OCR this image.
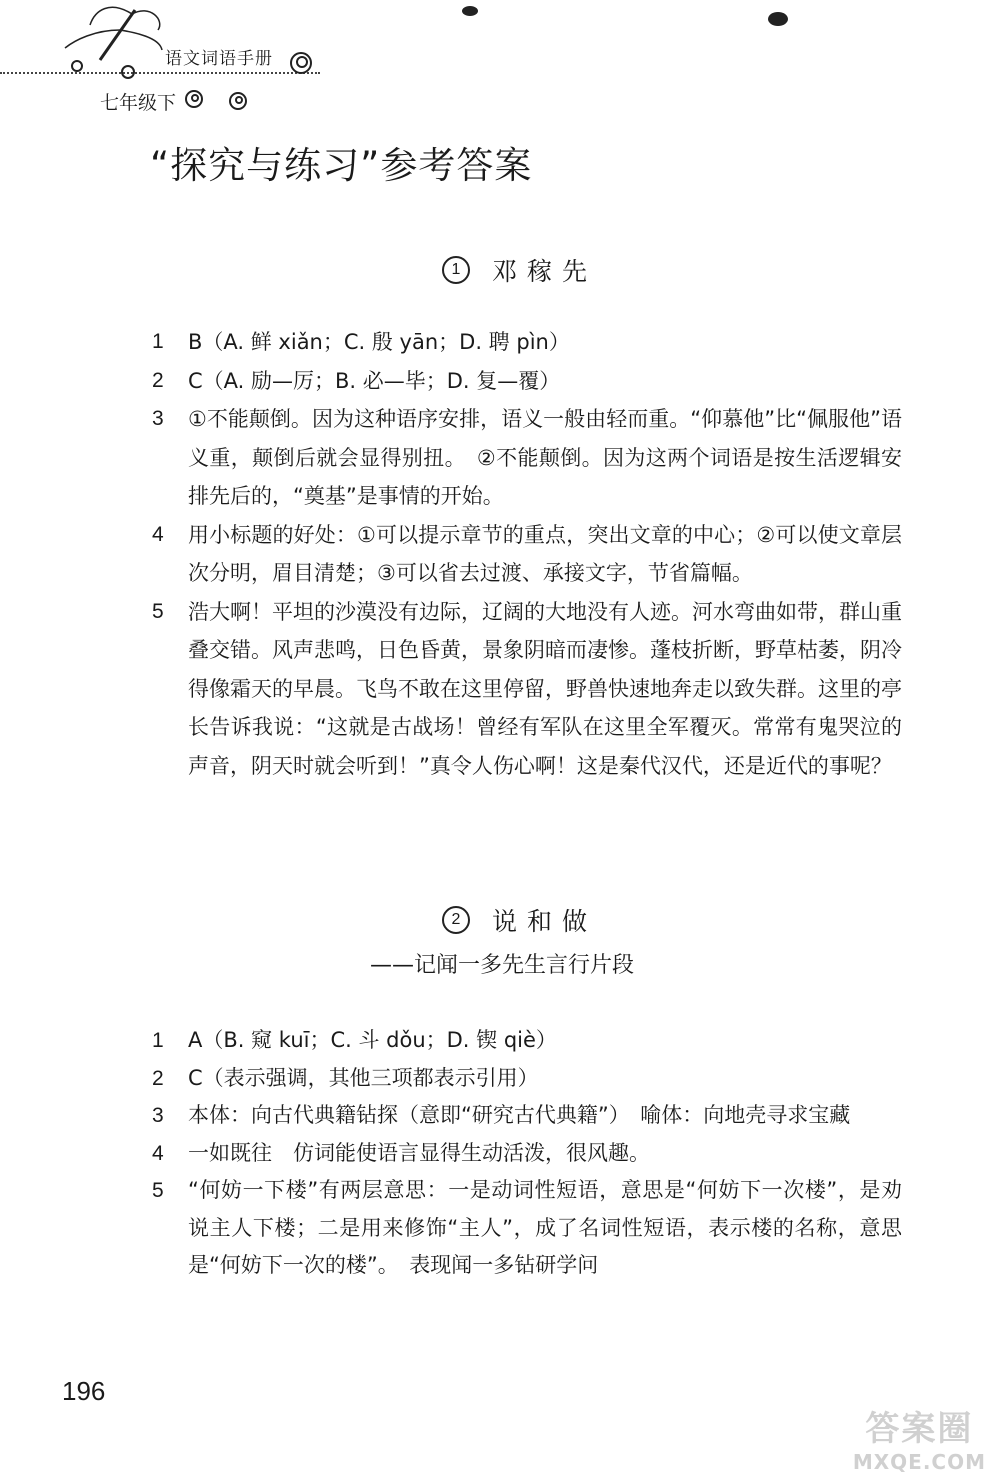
语文词语手册
七年级下
“探究与练习”参考答案
1	邓稼先
1	B（A. 鲜 xiǎn；C. 殷 yān；D. 聘 pìn）
2	C（A. 励—厉；B. 必—毕；D. 复—覆）
3	①不能颠倒。因为这种语序安排，语义一般由轻而重。“仰慕他”比“佩服他”语义重，颠倒后就会显得别扭。　②不能颠倒。因为这两个词语是按生活逻辑安排先后的，“奠基”是事情的开始。
4	用小标题的好处：①可以提示章节的重点，突出文章的中心；②可以使文章层次分明，眉目清楚；③可以省去过渡、承接文字，节省篇幅。
5	浩大啊！平坦的沙漠没有边际，辽阔的大地没有人迹。河水弯曲如带，群山重叠交错。风声悲鸣，日色昏黄，景象阴暗而凄惨。蓬枝折断，野草枯萎，阴冷得像霜天的早晨。飞鸟不敢在这里停留，野兽快速地奔走以致失群。这里的亭长告诉我说：“这就是古战场！曾经有军队在这里全军覆灭。常常有鬼哭泣的声音，阴天时就会听到！”真令人伤心啊！这是秦代汉代，还是近代的事呢？
2	说和做
——记闻一多先生言行片段
1	A（B. 窥 kuī；C. 斗 dǒu；D. 锲 qiè）
2	C（表示强调，其他三项都表示引用）
3	本体：向古代典籍钻探（意即“研究古代典籍”）　喻体：向地壳寻求宝藏
4	一如既往　仿词能使语言显得生动活泼，很风趣。
5	“何妨一下楼”有两层意思：一是动词性短语，意思是“何妨下一次楼”，是劝说主人下楼；二是用来修饰“主人”，成了名词性短语，表示楼的名称，意思是“何妨下一次的楼”。　表现闻一多钻研学问
196
答案圈
MXQE.COM
